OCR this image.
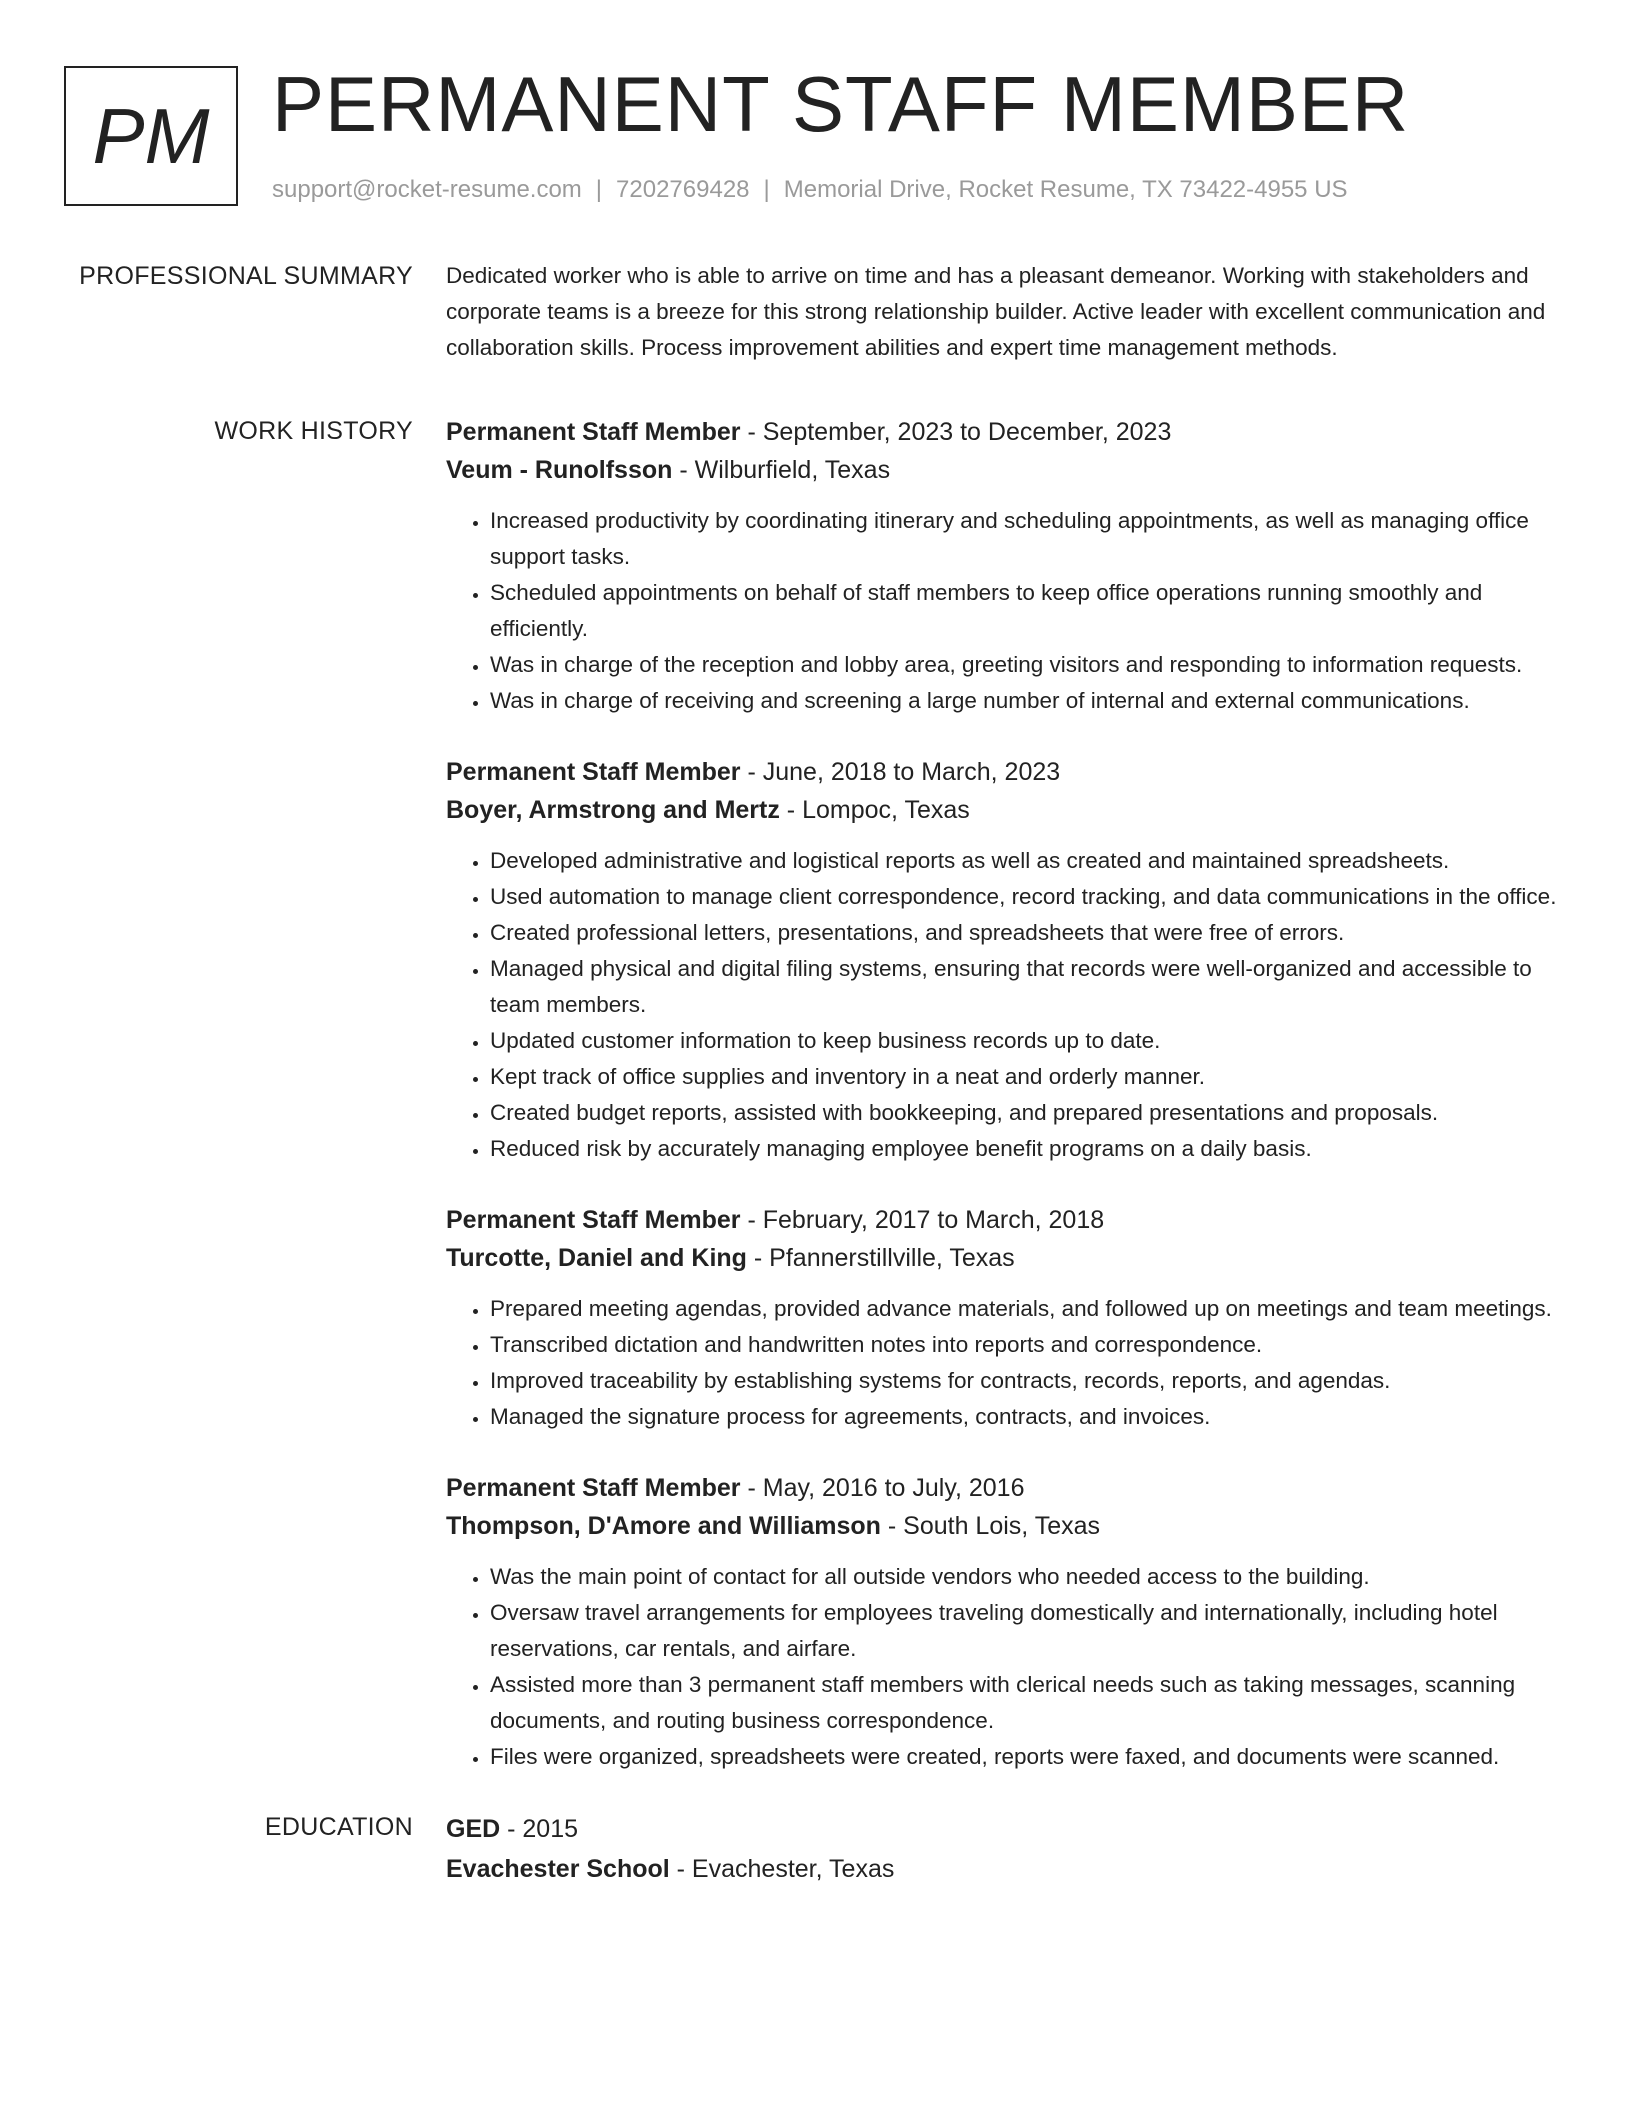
PM PERMANENT STAFF MEMBER
support@rocket-resume.com | 7202769428 | Memorial Drive, Rocket Resume, TX 73422-4955 US
PROFESSIONAL SUMMARY Dedicated worker who is able to arrive on time and has a pleasant demeanor. Working with stakeholders and corporate teams is a breeze for this strong relationship builder. Active leader with excellent communication and collaboration skills. Process improvement abilities and expert time management methods.
WORK HISTORY Permanent Staff Member - September, 2023 to December, 2023
Veum - Runolfsson - Wilburfield, Texas
• Increased productivity by coordinating itinerary and scheduling appointments, as well as managing office support tasks.
• Scheduled appointments on behalf of staff members to keep office operations running smoothly and efficiently.
• Was in charge of the reception and lobby area, greeting visitors and responding to information requests.
• Was in charge of receiving and screening a large number of internal and external communications.
Permanent Staff Member - June, 2018 to March, 2023
Boyer, Armstrong and Mertz - Lompoc, Texas
• Developed administrative and logistical reports as well as created and maintained spreadsheets.
• Used automation to manage client correspondence, record tracking, and data communications in the office.
• Created professional letters, presentations, and spreadsheets that were free of errors.
• Managed physical and digital filing systems, ensuring that records were well-organized and accessible to team members.
• Updated customer information to keep business records up to date.
• Kept track of office supplies and inventory in a neat and orderly manner.
• Created budget reports, assisted with bookkeeping, and prepared presentations and proposals.
• Reduced risk by accurately managing employee benefit programs on a daily basis.
Permanent Staff Member - February, 2017 to March, 2018
Turcotte, Daniel and King - Pfannerstillville, Texas
• Prepared meeting agendas, provided advance materials, and followed up on meetings and team meetings.
• Transcribed dictation and handwritten notes into reports and correspondence.
• Improved traceability by establishing systems for contracts, records, reports, and agendas.
• Managed the signature process for agreements, contracts, and invoices.
Permanent Staff Member - May, 2016 to July, 2016
Thompson, D'Amore and Williamson - South Lois, Texas
• Was the main point of contact for all outside vendors who needed access to the building.
• Oversaw travel arrangements for employees traveling domestically and internationally, including hotel reservations, car rentals, and airfare.
• Assisted more than 3 permanent staff members with clerical needs such as taking messages, scanning documents, and routing business correspondence.
• Files were organized, spreadsheets were created, reports were faxed, and documents were scanned.
EDUCATION GED - 2015
Evachester School - Evachester, Texas
